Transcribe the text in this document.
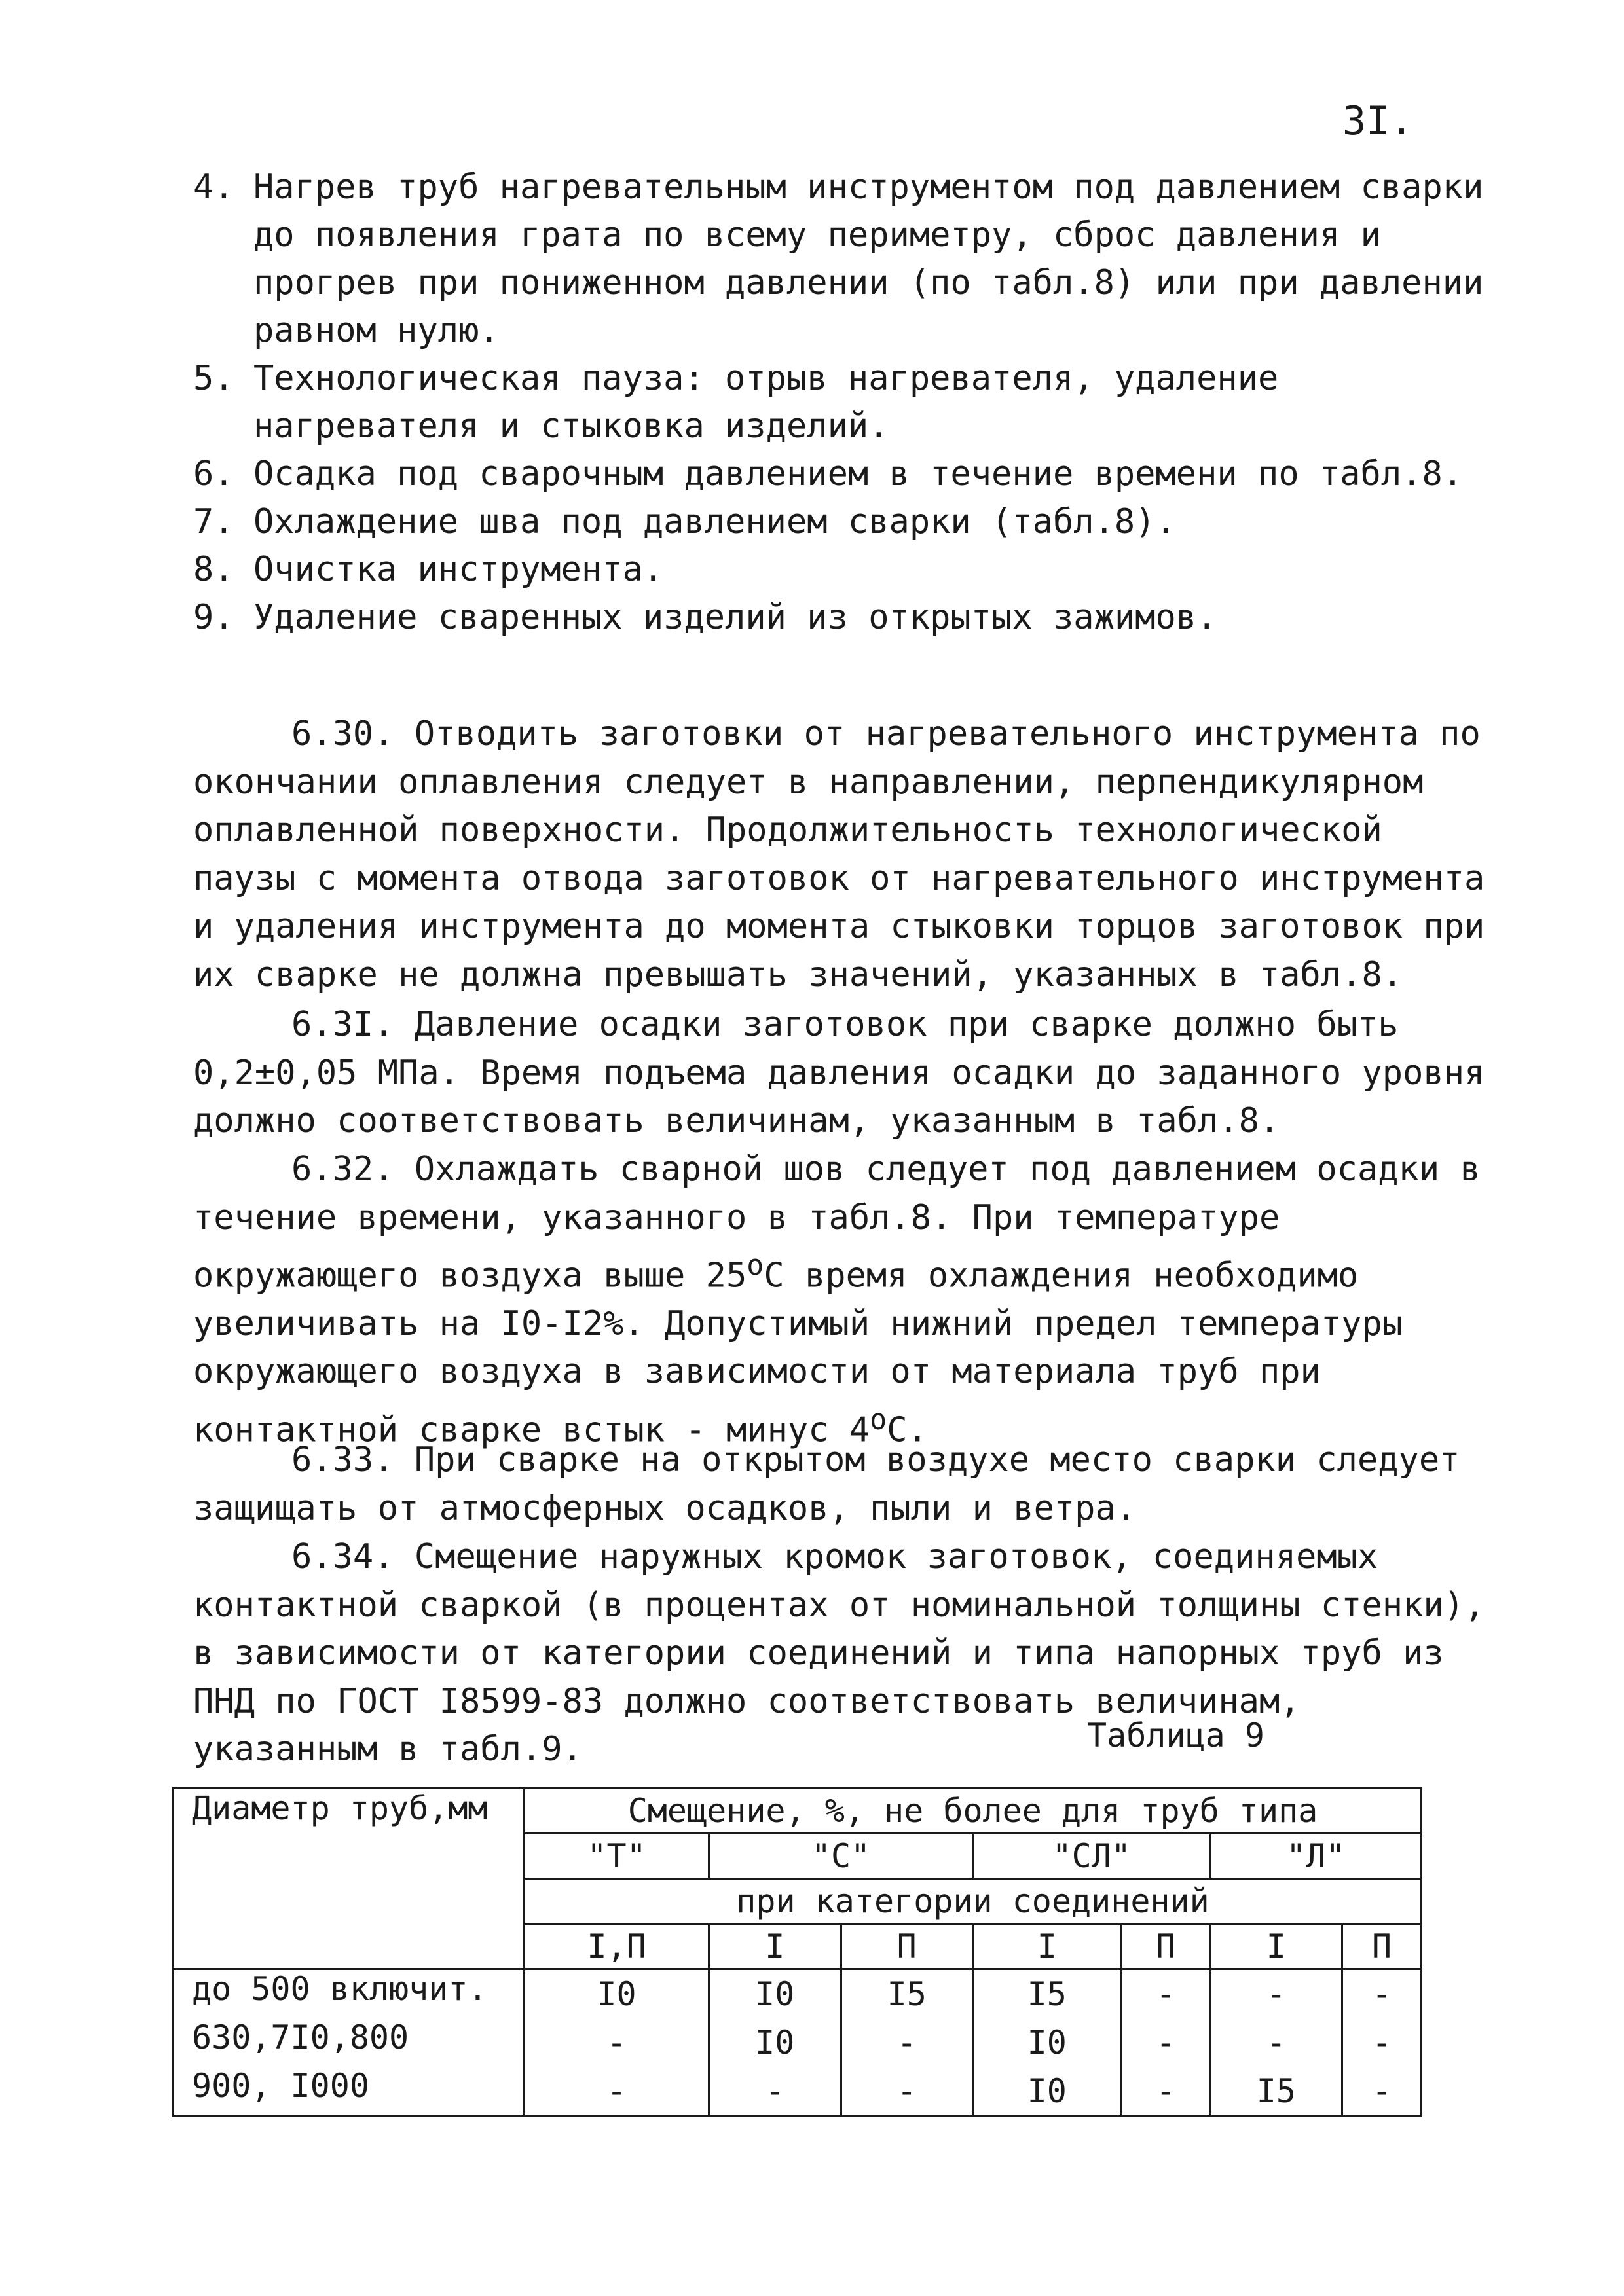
3I.
4. Нагрев труб нагревательным инструментом под давлением сварки до появления грата по всему периметру, сброс давления и прогрев при пониженном давлении (по табл.8) или при давлении равном нулю.
5. Технологическая пауза: отрыв нагревателя, удаление нагревателя и стыковка изделий.
6. Осадка под сварочным давлением в течение времени по табл.8.
7. Охлаждение шва под давлением сварки (табл.8).
8. Очистка инструмента.
9. Удаление сваренных изделий из открытых зажимов.

6.30. Отводить заготовки от нагревательного инструмента по окончании оплавления следует в направлении, перпендикулярном оплавленной поверхности. Продолжительность технологической паузы с момента отвода заготовок от нагревательного инструмента и удаления инструмента до момента стыковки торцов заготовок при их сварке не должна превышать значений, указанных в табл.8.

6.3I. Давление осадки заготовок при сварке должно быть 0,2±0,05 МПа. Время подъема давления осадки до заданного уровня должно соответствовать величинам, указанным в табл.8.

6.32. Охлаждать сварной шов следует под давлением осадки в течение времени, указанного в табл.8. При температуре окружающего воздуха выше 25$^o$С время охлаждения необходимо увеличивать на I0-I2%. Допустимый нижний предел температуры окружающего воздуха в зависимости от материала труб при контактной сварке встык - минус 4$^o$С.

6.33. При сварке на открытом воздухе место сварки следует защищать от атмосферных осадков, пыли и ветра.

6.34. Смещение наружных кромок заготовок, соединяемых контактной сваркой (в процентах от номинальной толщины стенки), в зависимости от категории соединений и типа напорных труб из ПНД по ГОСТ I8599-83 должно соответствовать величинам, указанным в табл.9.	Таблица 9
Диаметр труб,мм	Смещение, %, не более для труб типа						
	"Т"	"С"		"СЛ"		"Л"	
	при категории соединений						
	I,П	I	П	I	П	I	П
до 500 включит.	I0	I0	I5	I5	-	-	-
630,7I0,800	-	I0	-	I0	-	-	-
900, I000	-	-	-	I0	-	I5	-
